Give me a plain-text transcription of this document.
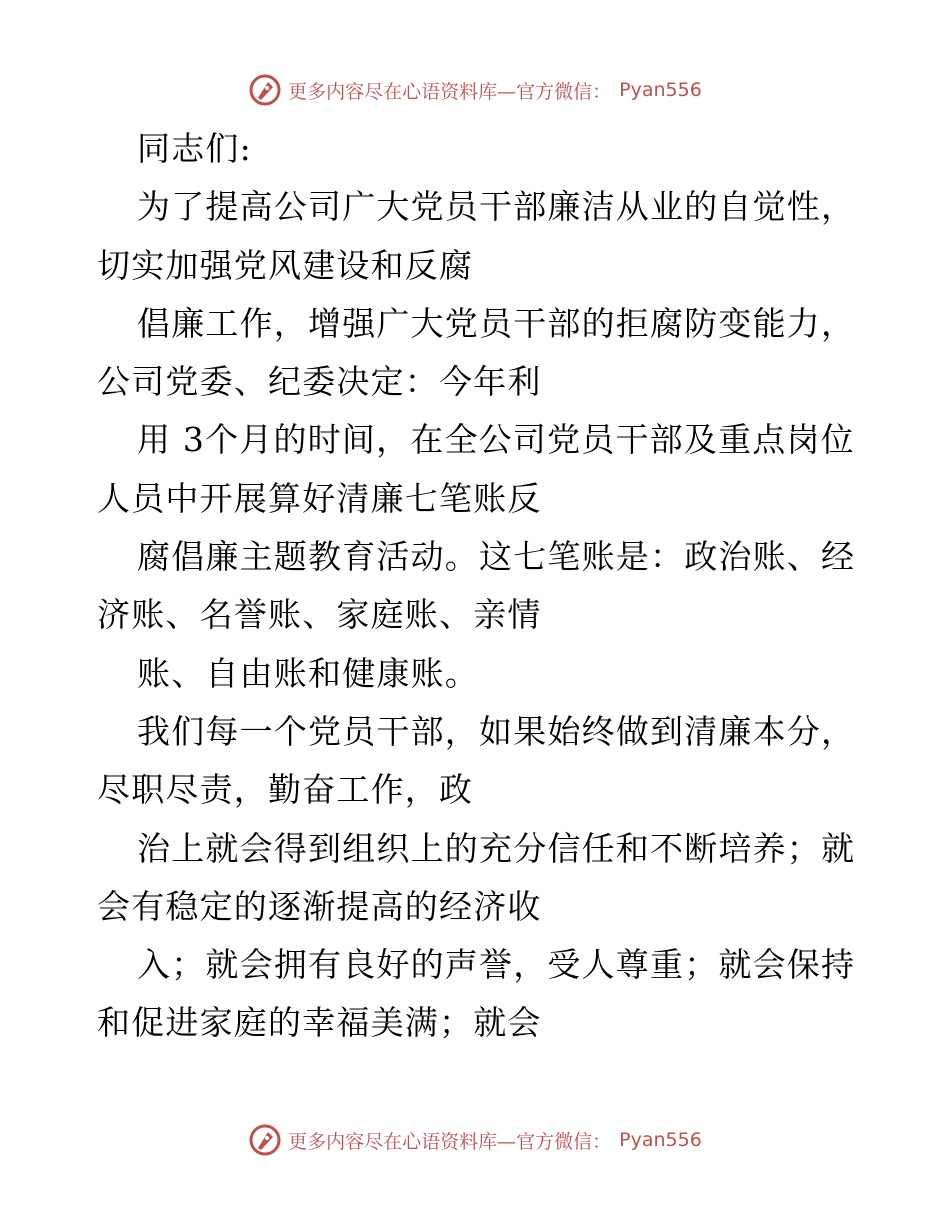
更多内容尽在心语资料库—官方微信： Pyan556
同志们:
为了提高公司广大党员干部廉洁从业的自觉性，
切实加强党风建设和反腐
倡廉工作，增强广大党员干部的拒腐防变能力，
公司党委、纪委决定：今年利
用 3个月的时间，在全公司党员干部及重点岗位
人员中开展算好清廉七笔账反
腐倡廉主题教育活动。这七笔账是：政治账、经
济账、名誉账、家庭账、亲情
账、自由账和健康账。
我们每一个党员干部，如果始终做到清廉本分，
尽职尽责，勤奋工作，政
治上就会得到组织上的充分信任和不断培养；就
会有稳定的逐渐提高的经济收
入；就会拥有良好的声誉，受人尊重；就会保持
和促进家庭的幸福美满；就会
更多内容尽在心语资料库—官方微信： Pyan556
